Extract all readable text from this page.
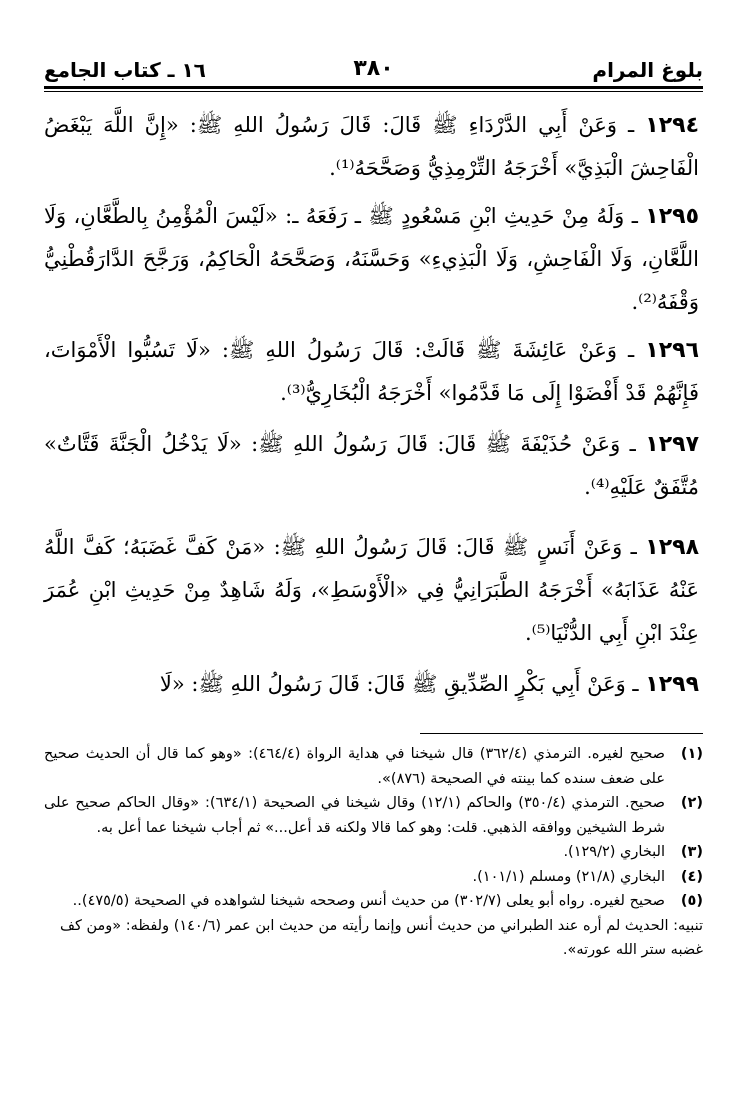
بلوغ المرام
٣٨٠
١٦ ـ كتاب الجامع
١٢٩٤ ـ وَعَنْ أَبِي الدَّرْدَاءِ ﷺ قَالَ: قَالَ رَسُولُ اللهِ ﷺ: «إِنَّ اللَّهَ يَبْغَضُ الْفَاحِشَ الْبَذِيَّ» أَخْرَجَهُ التِّرْمِذِيُّ وَصَحَّحَهُ⁽¹⁾.
١٢٩٥ ـ وَلَهُ مِنْ حَدِيثِ ابْنِ مَسْعُودٍ ﷺ ـ رَفَعَهُ ـ: «لَيْسَ الْمُؤْمِنُ بِالطَّعَّانِ، وَلَا اللَّعَّانِ، وَلَا الْفَاحِشِ، وَلَا الْبَذِيءِ» وَحَسَّنَهُ، وَصَحَّحَهُ الْحَاكِمُ، وَرَجَّحَ الدَّارَقُطْنِيُّ وَقْفَهُ⁽²⁾.
١٢٩٦ ـ وَعَنْ عَائِشَةَ ﷺ قَالَتْ: قَالَ رَسُولُ اللهِ ﷺ: «لَا تَسُبُّوا الْأَمْوَاتَ، فَإِنَّهُمْ قَدْ أَفْضَوْا إِلَى مَا قَدَّمُوا» أَخْرَجَهُ الْبُخَارِيُّ⁽³⁾.
١٢٩٧ ـ وَعَنْ حُذَيْفَةَ ﷺ قَالَ: قَالَ رَسُولُ اللهِ ﷺ: «لَا يَدْخُلُ الْجَنَّةَ قَتَّاتٌ» مُتَّفَقٌ عَلَيْهِ⁽⁴⁾.
١٢٩٨ ـ وَعَنْ أَنَسٍ ﷺ قَالَ: قَالَ رَسُولُ اللهِ ﷺ: «مَنْ كَفَّ غَضَبَهُ؛ كَفَّ اللَّهُ عَنْهُ عَذَابَهُ» أَخْرَجَهُ الطَّبَرَانِيُّ فِي «الْأَوْسَطِ»، وَلَهُ شَاهِدٌ مِنْ حَدِيثِ ابْنِ عُمَرَ عِنْدَ ابْنِ أَبِي الدُّنْيَا⁽⁵⁾.
١٢٩٩ ـ وَعَنْ أَبِي بَكْرٍ الصِّدِّيقِ ﷺ قَالَ: قَالَ رَسُولُ اللهِ ﷺ: «لَا
(١)
صحيح لغيره. الترمذي (٣٦٢/٤) قال شيخنا في هداية الرواة (٤٦٤/٤): «وهو كما قال أن الحديث صحيح على ضعف سنده كما بينته في الصحيحة (٨٧٦)».
(٢)
صحيح. الترمذي (٣٥٠/٤) والحاكم (١٢/١) وقال شيخنا في الصحيحة (٦٣٤/١): «وقال الحاكم صحيح على شرط الشيخين ووافقه الذهبي. قلت: وهو كما قالا ولكنه قد أعل...» ثم أجاب شيخنا عما أعل به.
(٣)
البخاري (١٢٩/٢).
(٤)
البخاري (٢١/٨) ومسلم (١٠١/١).
(٥)
صحيح لغيره. رواه أبو يعلى (٣٠٢/٧) من حديث أنس وصححه شيخنا لشواهده في الصحيحة (٤٧٥/٥)..
تنبيه: الحديث لم أره عند الطبراني من حديث أنس وإنما رأيته من حديث ابن عمر (١٤٠/٦) ولفظه: «ومن كف غضبه ستر الله عورته».
